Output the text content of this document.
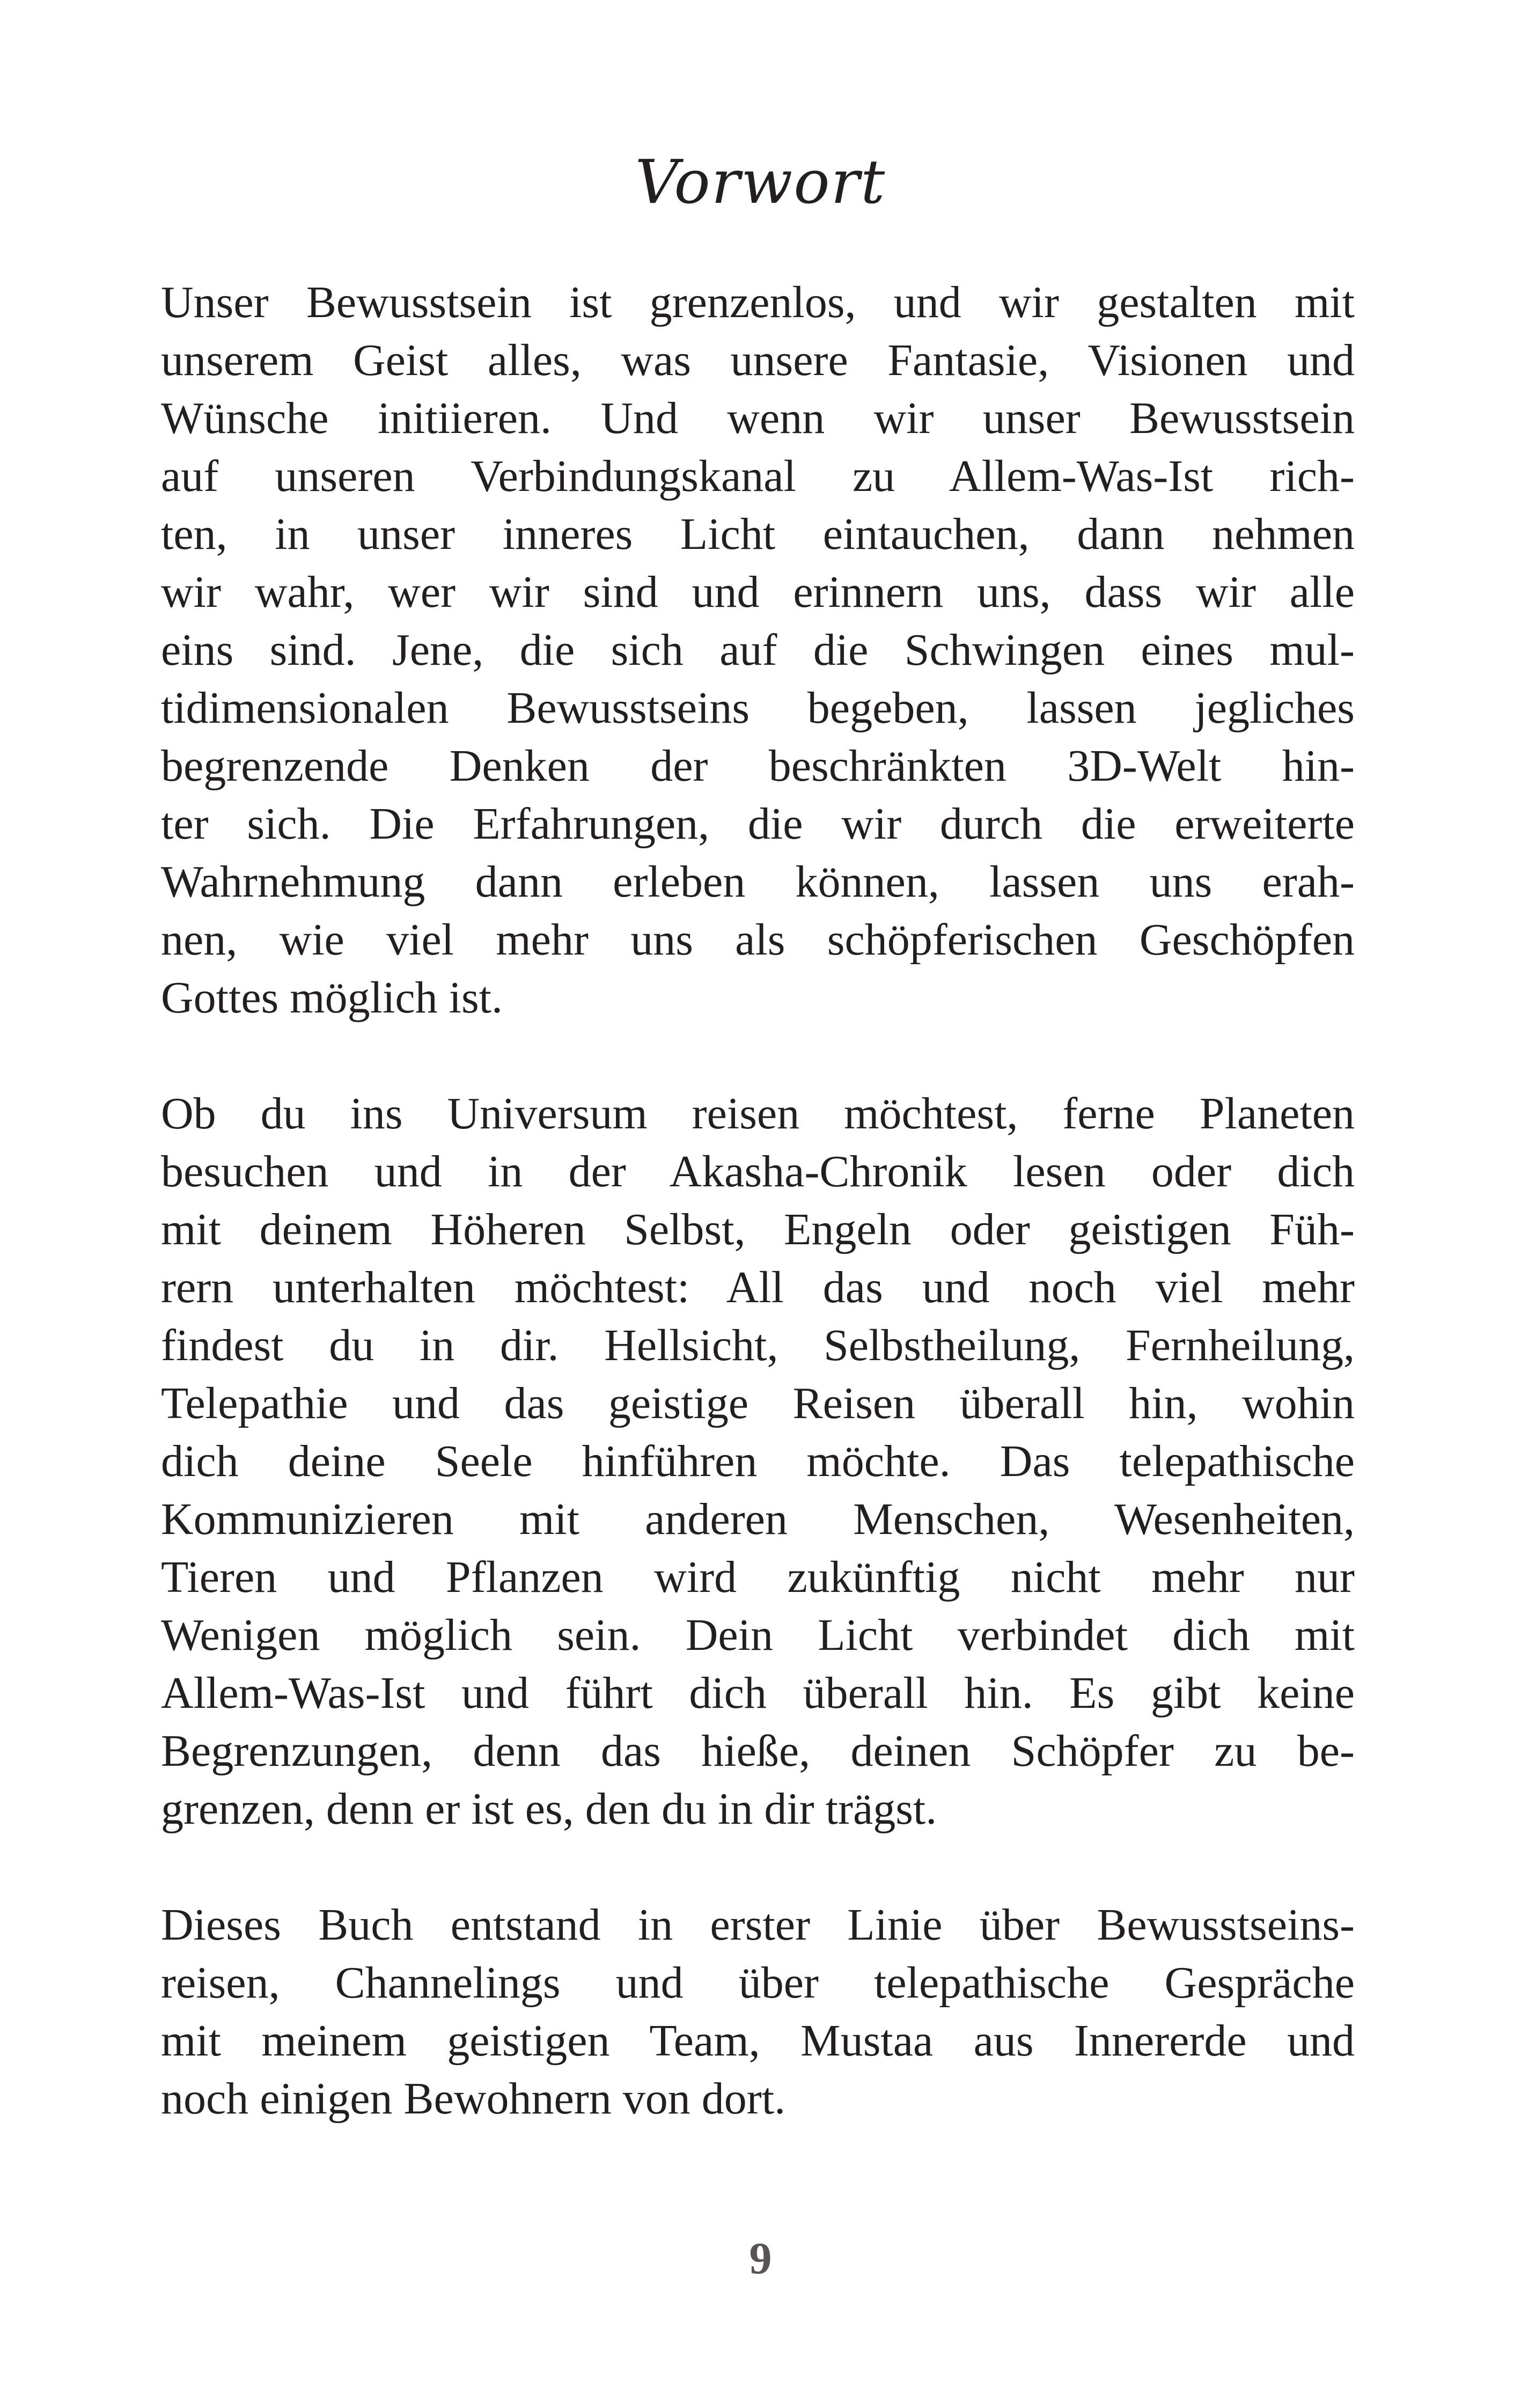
Vorwort

Unser Bewusstsein ist grenzenlos, und wir gestalten mit
unserem Geist alles, was unsere Fantasie, Visionen und
Wünsche initiieren. Und wenn wir unser Bewusstsein
auf unseren Verbindungskanal zu Allem-Was-Ist rich-
ten, in unser inneres Licht eintauchen, dann nehmen
wir wahr, wer wir sind und erinnern uns, dass wir alle
eins sind. Jene, die sich auf die Schwingen eines mul-
tidimensionalen Bewusstseins begeben, lassen jegliches
begrenzende Denken der beschränkten 3D-Welt hin-
ter sich. Die Erfahrungen, die wir durch die erweiterte
Wahrnehmung dann erleben können, lassen uns erah-
nen, wie viel mehr uns als schöpferischen Geschöpfen
Gottes möglich ist.

Ob du ins Universum reisen möchtest, ferne Planeten
besuchen und in der Akasha-Chronik lesen oder dich
mit deinem Höheren Selbst, Engeln oder geistigen Füh-
rern unterhalten möchtest: All das und noch viel mehr
findest du in dir. Hellsicht, Selbstheilung, Fernheilung,
Telepathie und das geistige Reisen überall hin, wohin
dich deine Seele hinführen möchte. Das telepathische
Kommunizieren mit anderen Menschen, Wesenheiten,
Tieren und Pflanzen wird zukünftig nicht mehr nur
Wenigen möglich sein. Dein Licht verbindet dich mit
Allem-Was-Ist und führt dich überall hin. Es gibt keine
Begrenzungen, denn das hieße, deinen Schöpfer zu be-
grenzen, denn er ist es, den du in dir trägst.

Dieses Buch entstand in erster Linie über Bewusstseins-
reisen, Channelings und über telepathische Gespräche
mit meinem geistigen Team, Mustaa aus Innererde und
noch einigen Bewohnern von dort.

9
